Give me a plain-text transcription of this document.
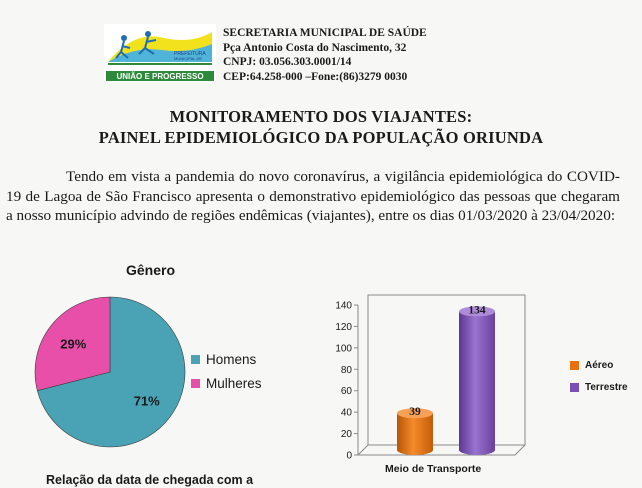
PREFEITURA
MUNICIPAL DE
UNIÃO E PROGRESSO
SECRETARIA MUNICIPAL DE SAÚDE
Pça Antonio Costa do Nascimento, 32
CNPJ: 03.056.303.0001/14
CEP:64.258-000 –Fone:(86)3279 0030
MONITORAMENTO DOS VIAJANTES:
PAINEL EPIDEMIOLÓGICO DA POPULAÇÃO ORIUNDA

Tendo em vista a pandemia do novo coronavírus, a vigilância epidemiológica do COVID-19 de Lagoa de São Francisco apresenta o demonstrativo epidemiológico das pessoas que chegaram a nosso município advindo de regiões endêmicas (viajantes), entre os dias 01/03/2020 à 23/04/2020:

Gênero
71%
29%
Homens
Mulheres
Relação da data de chegada com a
0
20
40
60
80
100
120
140
39
134
Aéreo
Terrestre
Meio de Transporte
